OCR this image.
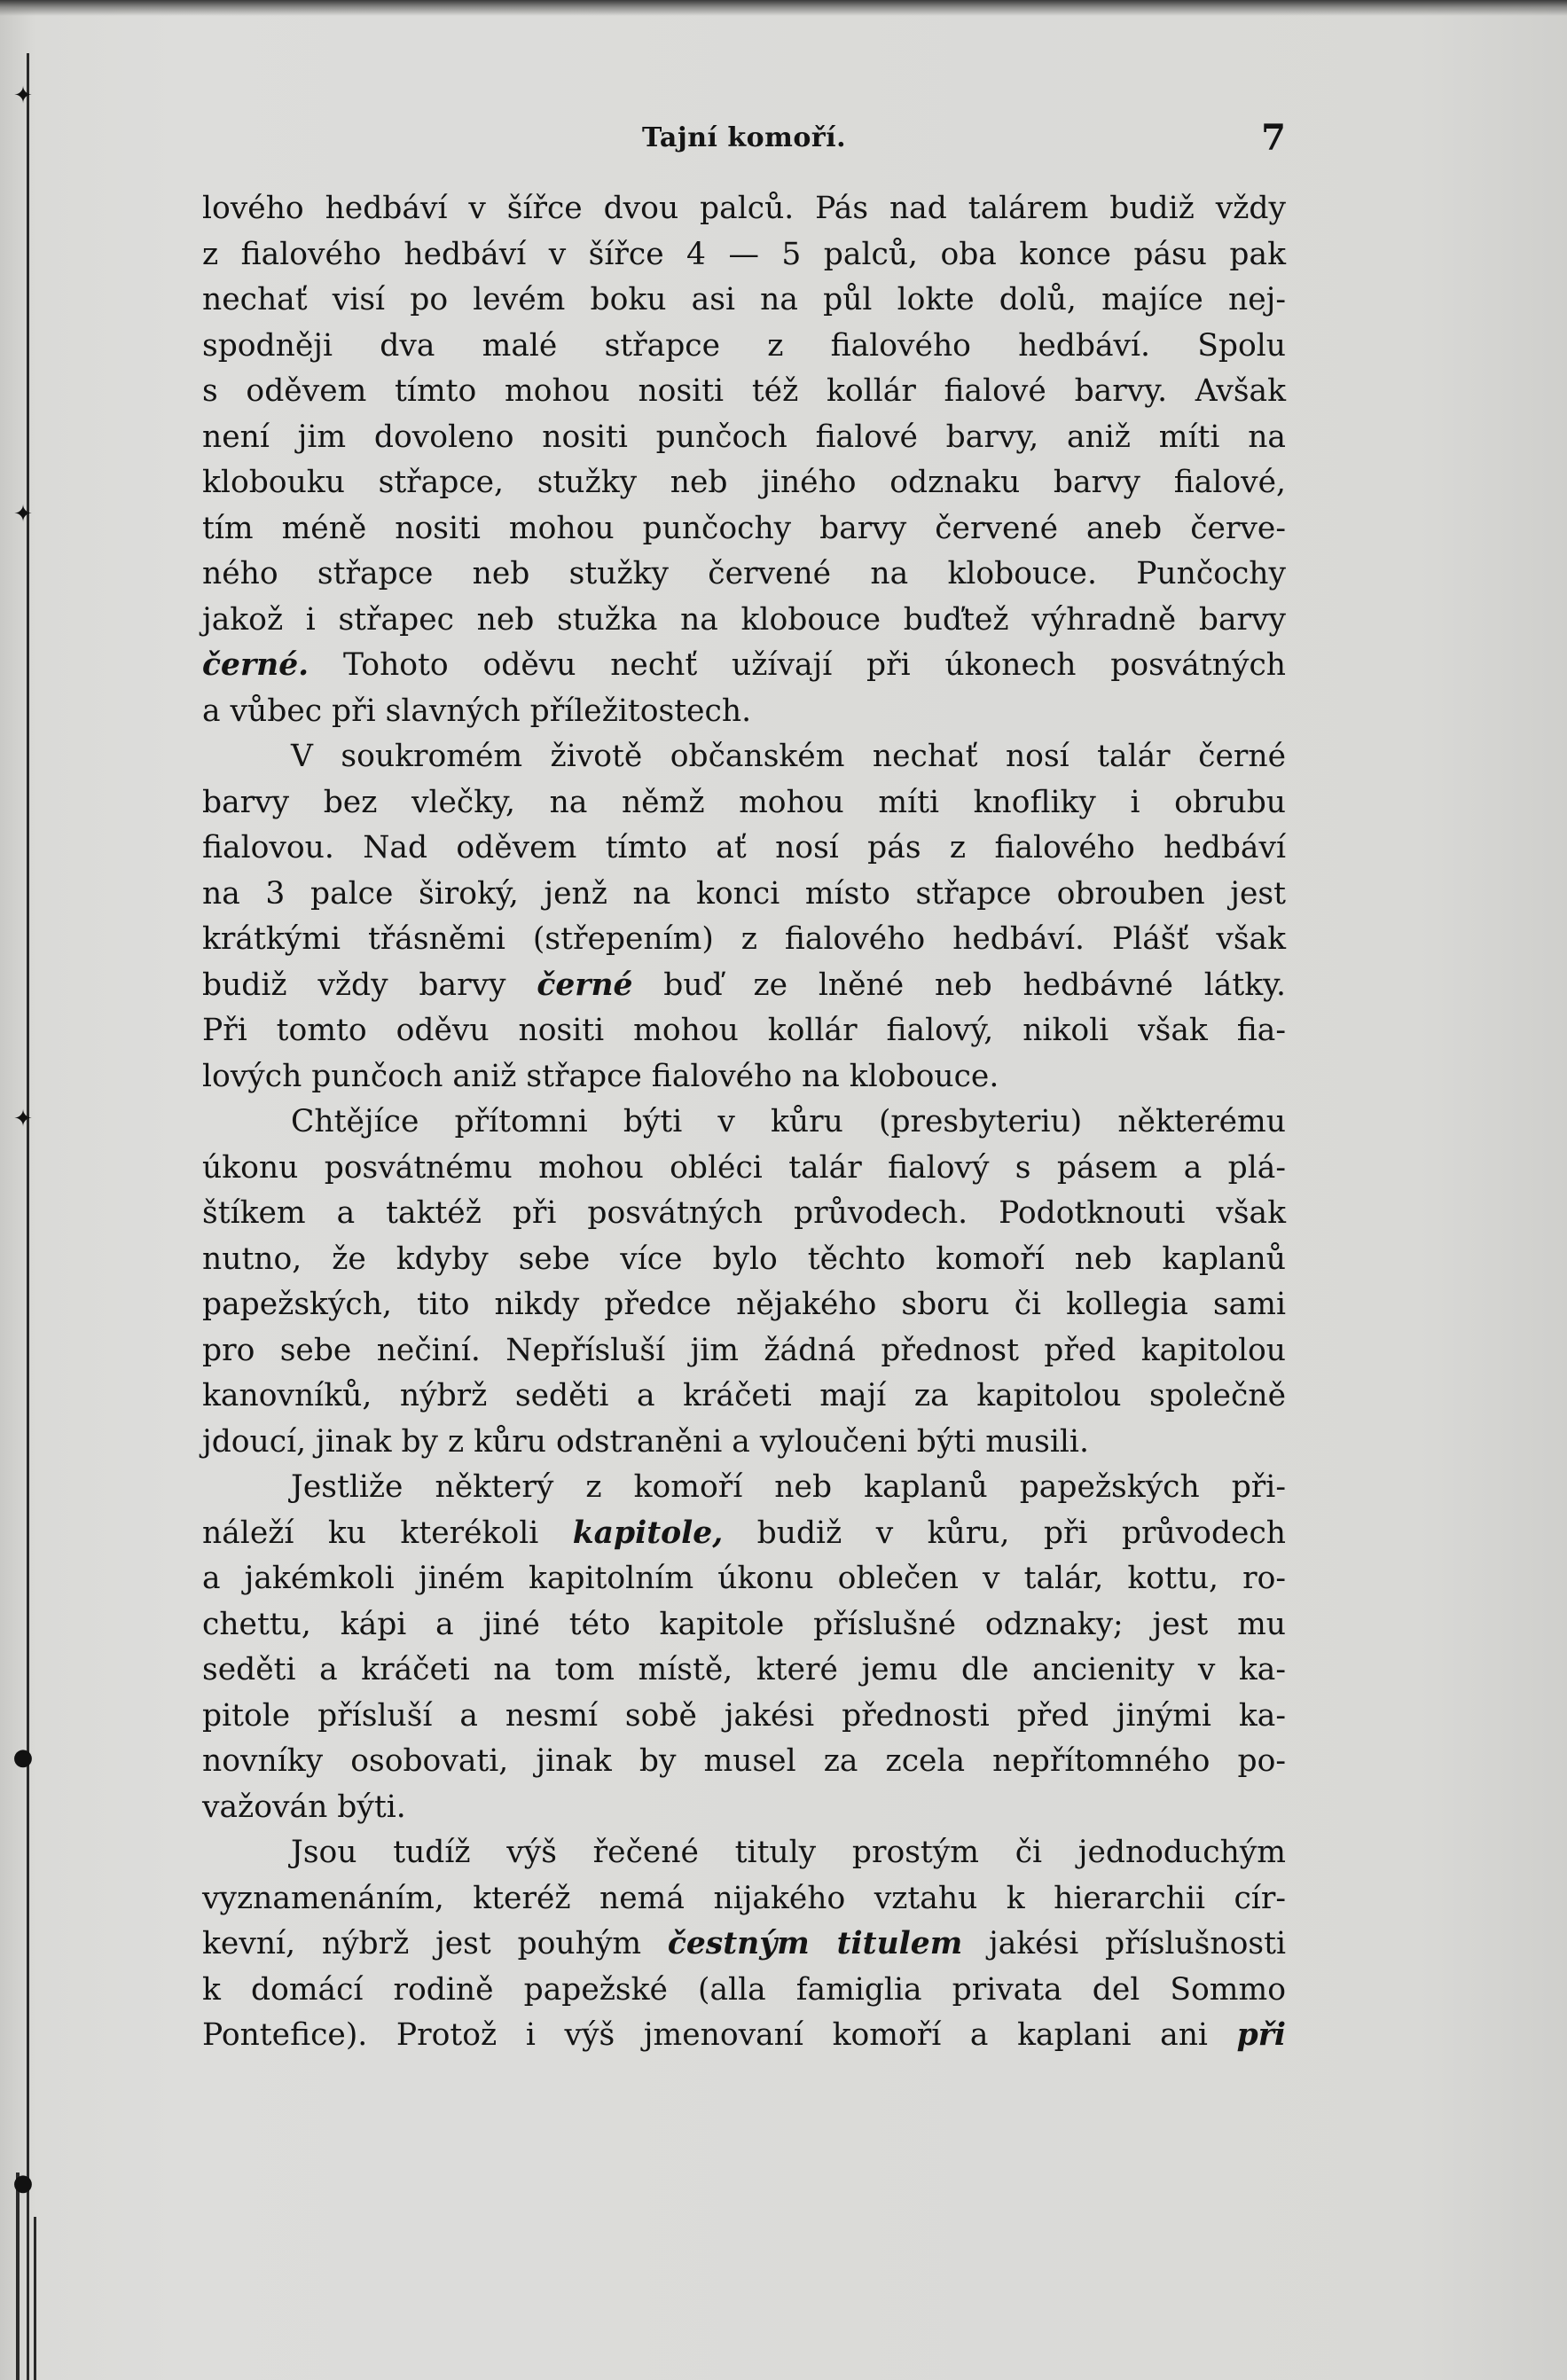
✦
✦
✦
●
●
Tajní komoří.	7
lového hedbáví v šířce dvou palců. Pás nad talárem budiž vždy
z fialového hedbáví v šířce 4 — 5 palců, oba konce pásu pak
nechať visí po levém boku asi na půl lokte dolů, majíce nej-
spodněji dva malé střapce z fialového hedbáví. Spolu
s oděvem tímto mohou nositi též kollár fialové barvy. Avšak
není jim dovoleno nositi punčoch fialové barvy, aniž míti na
klobouku střapce, stužky neb jiného odznaku barvy fialové,
tím méně nositi mohou punčochy barvy červené aneb červe-
ného střapce neb stužky červené na klobouce. Punčochy
jakož i střapec neb stužka na klobouce buďtež výhradně barvy
černé. Tohoto oděvu nechť užívají při úkonech posvátných
a vůbec při slavných příležitostech.
V soukromém životě občanském nechať nosí talár černé
barvy bez vlečky, na němž mohou míti knofliky i obrubu
fialovou. Nad oděvem tímto ať nosí pás z fialového hedbáví
na 3 palce široký, jenž na konci místo střapce obrouben jest
krátkými třásněmi (střepením) z fialového hedbáví. Plášť však
budiž vždy barvy černé buď ze lněné neb hedbávné látky.
Při tomto oděvu nositi mohou kollár fialový, nikoli však fia-
lových punčoch aniž střapce fialového na klobouce.
Chtějíce přítomni býti v kůru (presbyteriu) některému
úkonu posvátnému mohou obléci talár fialový s pásem a plá-
štíkem a taktéž při posvátných průvodech. Podotknouti však
nutno, že kdyby sebe více bylo těchto komoří neb kaplanů
papežských, tito nikdy předce nějakého sboru či kollegia sami
pro sebe nečiní. Nepřísluší jim žádná přednost před kapitolou
kanovníků, nýbrž seděti a kráčeti mají za kapitolou společně
jdoucí, jinak by z kůru odstraněni a vyloučeni býti musili.
Jestliže některý z komoří neb kaplanů papežských při-
náleží ku kterékoli kapitole, budiž v kůru, při průvodech
a jakémkoli jiném kapitolním úkonu oblečen v talár, kottu, ro-
chettu, kápi a jiné této kapitole příslušné odznaky; jest mu
seděti a kráčeti na tom místě, které jemu dle ancienity v ka-
pitole přísluší a nesmí sobě jakési přednosti před jinými ka-
novníky osobovati, jinak by musel za zcela nepřítomného po-
važován býti.
Jsou tudíž výš řečené tituly prostým či jednoduchým
vyznamenáním, kteréž nemá nijakého vztahu k hierarchii cír-
kevní, nýbrž jest pouhým čestným titulem jakési příslušnosti
k domácí rodině papežské (alla famiglia privata del Sommo
Pontefice). Protož i výš jmenovaní komoří a kaplani ani při
